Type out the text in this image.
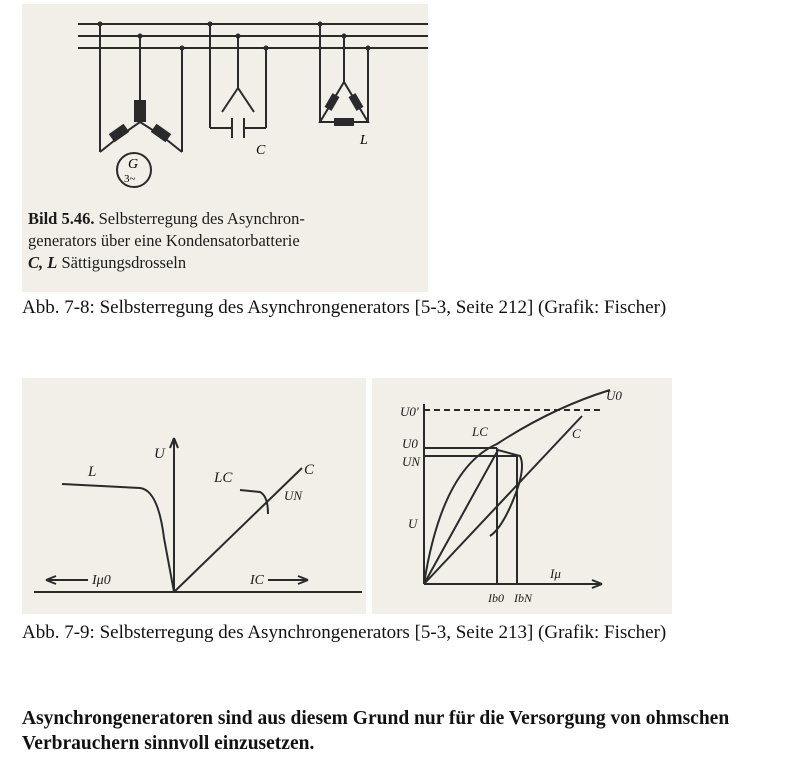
G
3~
C
L
Bild 5.46. Selbsterregung des Asynchron-
generators über eine Kondensatorbatterie
C, L Sättigungsdrosseln
Abb. 7-8: Selbsterregung des Asynchrongenerators [5-3, Seite 212] (Grafik: Fischer)
L	LC	C
UN
U
Iμ0	IC
U0'
U0
UN
LC	C
U0
U
Iμ
Ib0 IbN
Abb. 7-9: Selbsterregung des Asynchrongenerators [5-3, Seite 213] (Grafik: Fischer)
Asynchrongeneratoren sind aus diesem Grund nur für die Versorgung von ohmschen Verbrauchern sinnvoll einzusetzen.
